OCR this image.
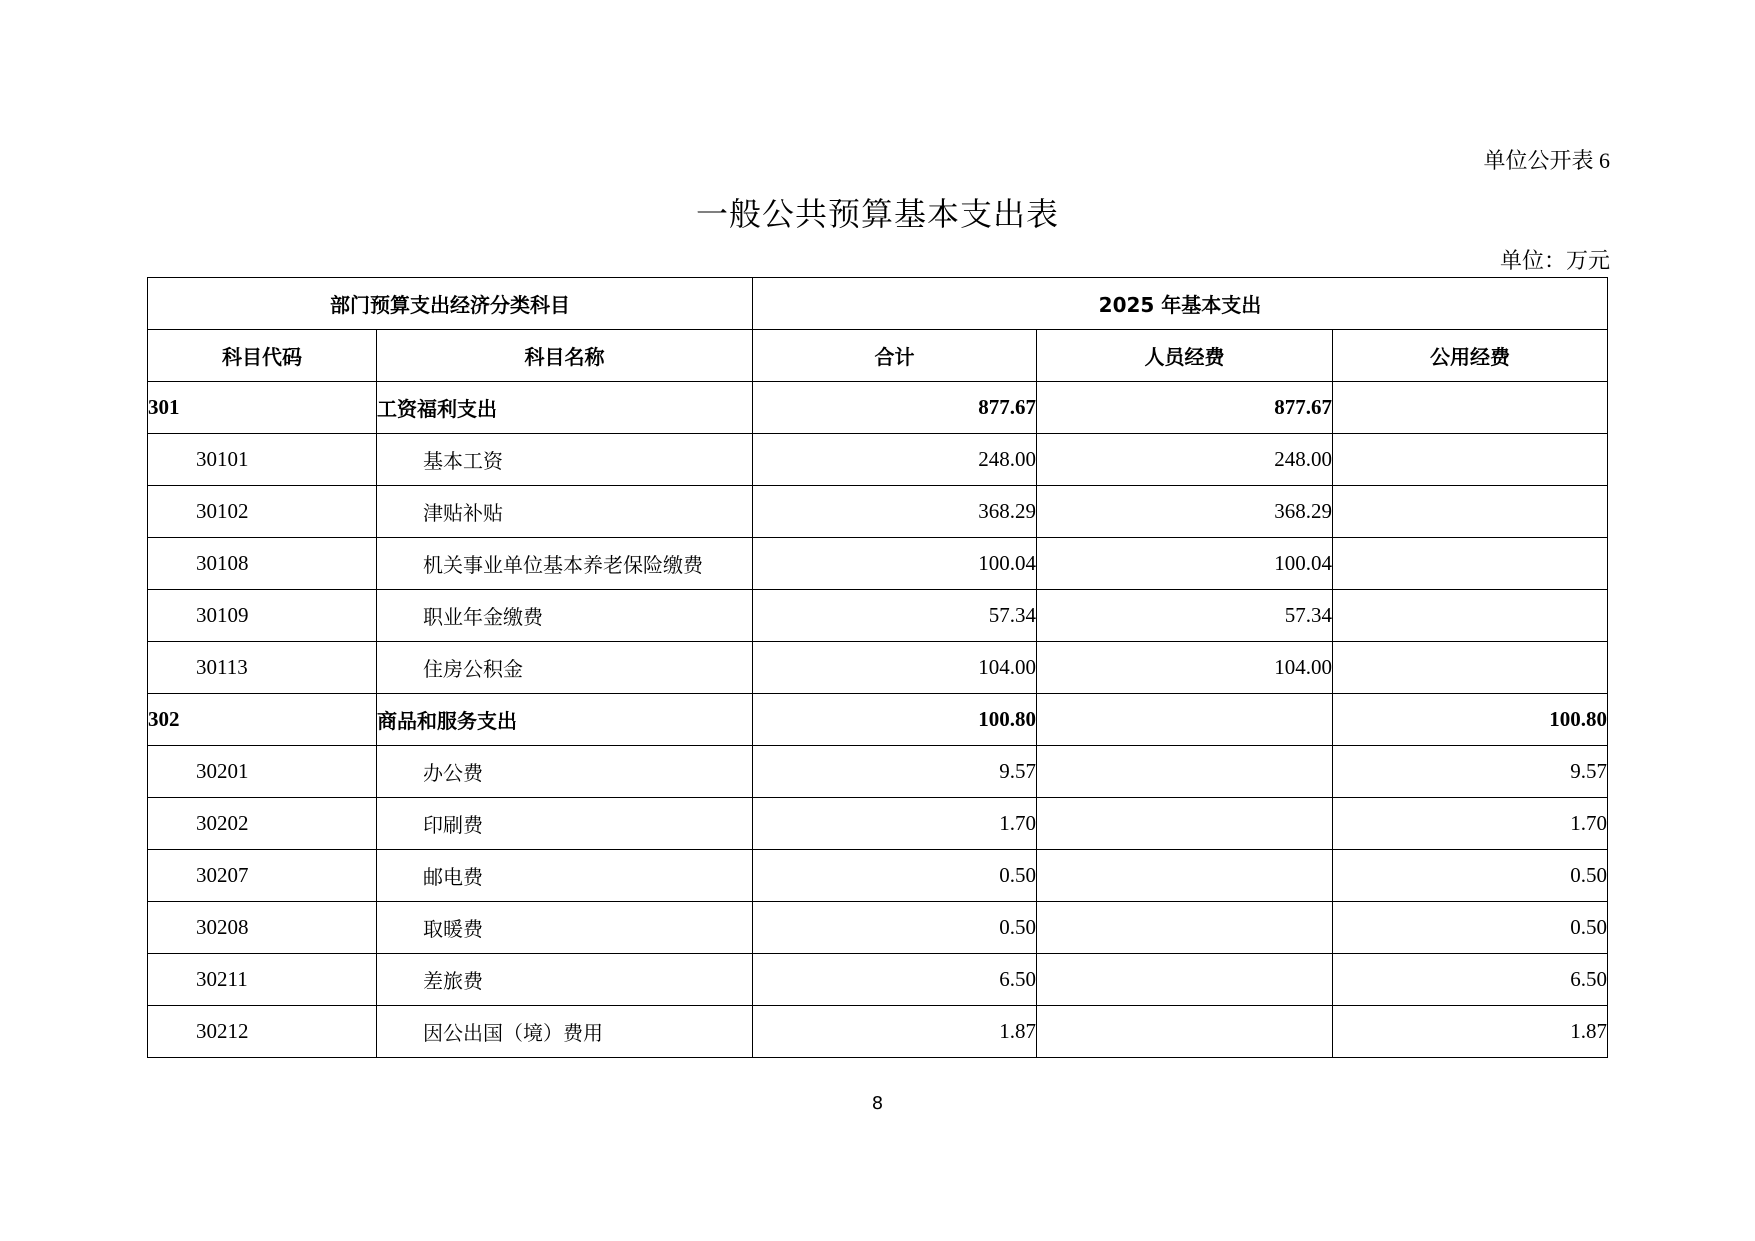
单位公开表 6
一般公共预算基本支出表
单位：万元
部门预算支出经济分类科目		2025 年基本支出		
科目代码	科目名称	合计	人员经费	公用经费
301	工资福利支出	877.67	877.67	
30101	基本工资	248.00	248.00	
30102	津贴补贴	368.29	368.29	
30108	机关事业单位基本养老保险缴费	100.04	100.04	
30109	职业年金缴费	57.34	57.34	
30113	住房公积金	104.00	104.00	
302	商品和服务支出	100.80		100.80
30201	办公费	9.57		9.57
30202	印刷费	1.70		1.70
30207	邮电费	0.50		0.50
30208	取暖费	0.50		0.50
30211	差旅费	6.50		6.50
30212	因公出国（境）费用	1.87		1.87
8
